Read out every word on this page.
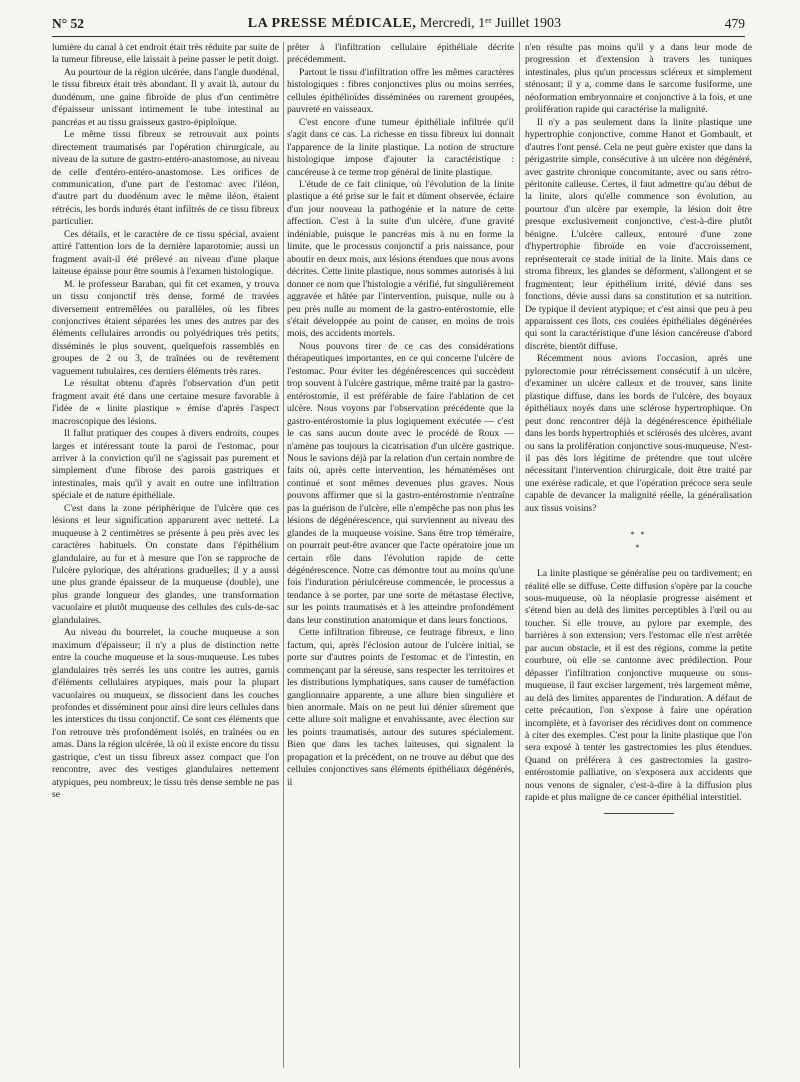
N° 52	LA PRESSE MÉDICALE, Mercredi, 1ᵉʳ Juillet 1903	479

lumière du canal à cet endroit était très réduite par suite de la tumeur fibreuse, elle laissait à peine passer le petit doigt.

Au pourtour de la région ulcérée, dans l'angle duodénal, le tissu fibreux était très abondant. Il y avait là, autour du duodénum, une gaine fibroïde de plus d'un centimètre d'épaisseur unissant intimement le tube intestinal au pancréas et au tissu graisseux gastro-épiploïque.

Le même tissu fibreux se retrouvait aux points directement traumatisés par l'opération chirurgicale, au niveau de la suture de gastro-entéro-anastomose, au niveau de celle d'entéro-entéro-anastomose. Les orifices de communication, d'une part de l'estomac avec l'iléon, d'autre part du duodénum avec le même iléon, étaient rétrécis, les bords indurés étant infiltrés de ce tissu fibreux particulier.

Ces détails, et le caractère de ce tissu spécial, avaient attiré l'attention lors de la dernière laparotomie; aussi un fragment avait-il été prélevé au niveau d'une plaque laiteuse épaisse pour être soumis à l'examen histologique.

M. le professeur Baraban, qui fit cet examen, y trouva un tissu conjonctif très dense, formé de travées diversement entremêlées ou parallèles, où les fibres conjonctives étaient séparées les unes des autres par des éléments cellulaires arrondis ou polyédriques très petits, disséminés le plus souvent, quelquefois rassemblés en groupes de 2 ou 3, de traînées ou de revêtement vaguement tubulaires, ces derniers éléments très rares.

Le résultat obtenu d'après l'observation d'un petit fragment avait été dans une certaine mesure favorable à l'idée de « linite plastique » émise d'après l'aspect macroscopique des lésions.

Il fallut pratiquer des coupes à divers endroits, coupes larges et intéressant toute la paroi de l'estomac, pour arriver à la conviction qu'il ne s'agissait pas purement et simplement d'une fibrose des parois gastriques et intestinales, mais qu'il y avait en outre une infiltration spéciale et de nature épithéliale.

C'est dans la zone périphérique de l'ulcère que ces lésions et leur signification apparurent avec netteté. La muqueuse à 2 centimètres se présente à peu près avec les caractères habituels. On constate dans l'épithélium glandulaire, au fur et à mesure que l'on se rapproche de l'ulcère pylorique, des altérations graduelles; il y a aussi une plus grande épaisseur de la muqueuse (double), une plus grande longueur des glandes, une transformation vacuolaire et plutôt muqueuse des cellules des culs-de-sac glandulaires.

Au niveau du bourrelet, la couche muqueuse a son maximum d'épaisseur; il n'y a plus de distinction nette entre la couche muqueuse et la sous-muqueuse. Les tubes glandulaires très serrés les uns contre les autres, garnis d'éléments cellulaires atypiques, mais pour la plupart vacuolaires ou muqueux, se dissocient dans les couches profondes et disséminent pour ainsi dire leurs cellules dans les interstices du tissu conjonctif. Ce sont ces éléments que l'on retrouve très profondément isolés, en traînées ou en amas. Dans la région ulcérée, là où il existe encore du tissu gastrique, c'est un tissu fibreux assez compact que l'on rencontre, avec des vestiges glandulaires nettement atypiques, peu nombreux; le tissu très dense semble ne pas se

prêter à l'infiltration cellulaire épithéliale décrite précédemment.

Partout le tissu d'infiltration offre les mêmes caractères histologiques : fibres conjonctives plus ou moins serrées, cellules épithélioïdes disséminées ou rarement groupées, pauvreté en vaisseaux.

C'est encore d'une tumeur épithéliale infiltrée qu'il s'agit dans ce cas. La richesse en tissu fibreux lui donnait l'apparence de la linite plastique. La notion de structure histologique impose d'ajouter la caractéristique : cancéreuse à ce terme trop général de linite plastique.

L'étude de ce fait clinique, où l'évolution de la linite plastique a été prise sur le fait et dûment observée, éclaire d'un jour nouveau la pathogénie et la nature de cette affection. C'est à la suite d'un ulcère, d'une gravité indéniable, puisque le pancréas mis à nu en forme la limite, que le processus conjonctif a pris naissance, pour aboutir en deux mois, aux lésions étendues que nous avons décrites. Cette linite plastique, nous sommes autorisés à lui donner ce nom que l'histologie a vérifié, fut singulièrement aggravée et hâtée par l'intervention, puisque, nulle ou à peu près nulle au moment de la gastro-entérostomie, elle s'était développée au point de causer, en moins de trois mois, des accidents mortels.

Nous pouvons tirer de ce cas des considérations thérapeutiques importantes, en ce qui concerne l'ulcère de l'estomac. Pour éviter les dégénérescences qui succèdent trop souvent à l'ulcère gastrique, même traité par la gastro-entérostomie, il est préférable de faire l'ablation de cet ulcère. Nous voyons par l'observation précédente que la gastro-entérostomie la plus logiquement exécutée — c'est le cas sans aucun doute avec le procédé de Roux — n'amène pas toujours la cicatrisation d'un ulcère gastrique. Nous le savions déjà par la relation d'un certain nombre de faits où, après cette intervention, les hématémèses ont continué et sont mêmes devenues plus graves. Nous pouvons affirmer que si la gastro-entérostomie n'entraîne pas la guérison de l'ulcère, elle n'empêche pas non plus les lésions de dégénérescence, qui surviennent au niveau des glandes de la muqueuse voisine. Sans être trop téméraire, on pourrait peut-être avancer que l'acte opératoire joue un certain rôle dans l'évolution rapide de cette dégénérescence. Notre cas démontre tout au moins qu'une fois l'induration périulcéreuse commencée, le processus a tendance à se porter, par une sorte de métastase élective, sur les points traumatisés et à les atteindre profondément dans leur constitution anatomique et dans leurs fonctions.

Cette infiltration fibreuse, ce feutrage fibreux, e lino factum, qui, après l'éclosion autour de l'ulcère initial, se porte sur d'autres points de l'estomac et de l'intestin, en commençant par la séreuse, sans respecter les territoires et les distributions lymphatiques, sans causer de tuméfaction ganglionnaire apparente, a une allure bien singulière et bien anormale. Mais on ne peut lui dénier sûrement que cette allure soit maligne et envahissante, avec élection sur les points traumatisés, autour des sutures spécialement. Bien que dans les taches laiteuses, qui signalent la propagation et la précédent, on ne trouve au début que des cellules conjonctives sans éléments épithéliaux dégénérés, il

n'en résulte pas moins qu'il y a dans leur mode de progression et d'extension à travers les tuniques intestinales, plus qu'un processus scléreux et simplement sténosant; il y a, comme dans le sarcome fusiforme, une néoformation embryonnaire et conjonctive à la fois, et une prolifération rapide qui caractérise la malignité.

Il n'y a pas seulement dans la linite plastique une hypertrophie conjonctive, comme Hanot et Gombault, et d'autres l'ont pensé. Cela ne peut guère exister que dans la périgastrite simple, consécutive à un ulcère non dégénéré, avec gastrite chronique concomitante, avec ou sans rétro-péritonite calleuse. Certes, il faut admettre qu'au début de la linite, alors qu'elle commence son évolution, au pourtour d'un ulcère par exemple, la lésion doit être presque exclusivement conjonctive, c'est-à-dire plutôt bénigne. L'ulcère calleux, entouré d'une zone d'hypertrophie fibroïde en voie d'accroissement, représenterait ce stade initial de la linite. Mais dans ce stroma fibreux, les glandes se déforment, s'allongent et se fragmentent; leur épithélium irrité, dévié dans ses fonctions, dévie aussi dans sa constitution et sa nutrition. De typique il devient atypique; et c'est ainsi que peu à peu apparaissent ces îlots, ces coulées épithéliales dégénérées qui sont la caractéristique d'une lésion cancéreuse d'abord discrète, bientôt diffuse.

Récemment nous avions l'occasion, après une pylorectomie pour rétrécissement consécutif à un ulcère, d'examiner un ulcère calleux et de trouver, sans linite plastique diffuse, dans les bords de l'ulcère, des boyaux épithéliaux noyés dans une sclérose hypertrophique. On peut donc rencontrer déjà la dégénérescence épithéliale dans les bords hypertrophiés et sclérosés des ulcères, avant ou sans la prolifération conjonctive sous-muqueuse. N'est-il pas dès lors légitime de prétendre que tout ulcère nécessitant l'intervention chirurgicale, doit être traité par une exérèse radicale, et que l'opération précoce sera seule capable de devancer la malignité réelle, la généralisation aux tissus voisins?

* *
*

La linite plastique se généralise peu ou tardivement; en réalité elle se diffuse. Cette diffusion s'opère par la couche sous-muqueuse, où la néoplasie progresse aisément et s'étend bien au delà des limites perceptibles à l'œil ou au toucher. Si elle trouve, au pylore par exemple, des barrières à son extension; vers l'estomac elle n'est arrêtée par aucun obstacle, et il est des régions, comme la petite courbure, où elle se cantonne avec prédilection. Pour dépasser l'infiltration conjonctive muqueuse ou sous-muqueuse, il faut exciser largement, très largement même, au delà des limites apparentes de l'induration. A défaut de cette précaution, l'on s'expose à faire une opération incomplète, et à favoriser des récidives dont on commence à citer des exemples. C'est pour la linite plastique que l'on sera exposé à tenter les gastrectomies les plus étendues. Quand on préférera à ces gastrectomies la gastro-entérostomie palliative, on s'exposera aux accidents que nous venons de signaler, c'est-à-dire à la diffusion plus rapide et plus maligne de ce cancer épithélial interstitiel.
